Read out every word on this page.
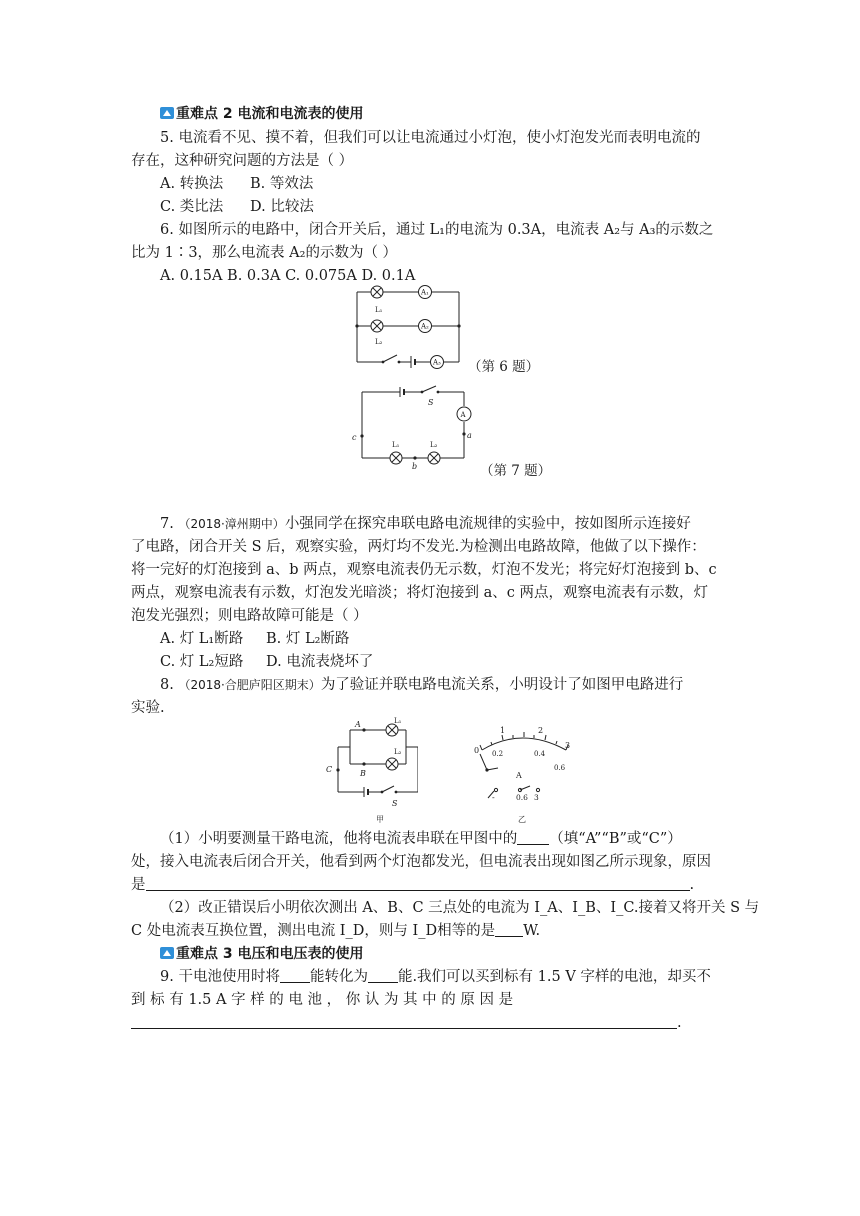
重难点 2 电流和电流表的使用
5. 电流看不见、摸不着，但我们可以让电流通过小灯泡，使小灯泡发光而表明电流的
存在，这种研究问题的方法是（ ）
A. 转换法 B. 等效法
C. 类比法 D. 比较法
6. 如图所示的电路中，闭合开关后，通过 L₁的电流为 0.3A，电流表 A₂与 A₃的示数之
比为 1∶3，那么电流表 A₂的示数为（ ）
A. 0.15A B. 0.3A C. 0.075A D. 0.1A
L₁
L₂
A₁
A₂
A₃ （第 6 题）
S
A
c	a
b
L₁	L₂
（第 7 题）
7. （2018·漳州期中）小强同学在探究串联电路电流规律的实验中，按如图所示连接好
了电路，闭合开关 S 后，观察实验，两灯均不发光.为检测出电路故障，他做了以下操作：
将一完好的灯泡接到 a、b 两点，观察电流表仍无示数，灯泡不发光；将完好灯泡接到 b、c
两点，观察电流表有示数，灯泡发光暗淡；将灯泡接到 a、c 两点，观察电流表有示数，灯
泡发光强烈；则电路故障可能是（ ）
A. 灯 L₁断路 B. 灯 L₂断路
C. 灯 L₂短路 D. 电流表烧坏了
8. （2018·合肥庐阳区期末）为了验证并联电路电流关系，小明设计了如图甲电路进行
实验.
A
B
C
S
L₁
L₂
甲
0
1	2
3
0.2	0.4
0.6
A
-	0.6 3
乙
（1）小明要测量干路电流，他将电流表串联在甲图中的 （填“A”“B”或“C”）
处，接入电流表后闭合开关，他看到两个灯泡都发光，但电流表出现如图乙所示现象，原因
是	.
（2）改正错误后小明依次测出 A、B、C 三点处的电流为 I_A、I_B、I_C.接着又将开关 S 与
C 处电流表互换位置，测出电流 I_D，则与 I_D相等的是 W.
重难点 3 电压和电压表的使用
9. 干电池使用时将 能转化为 能.我们可以买到标有 1.5 V 字样的电池，却买不
到 标 有 1.5 A 字 样 的 电 池 ， 你 认 为 其 中 的 原 因 是
.
